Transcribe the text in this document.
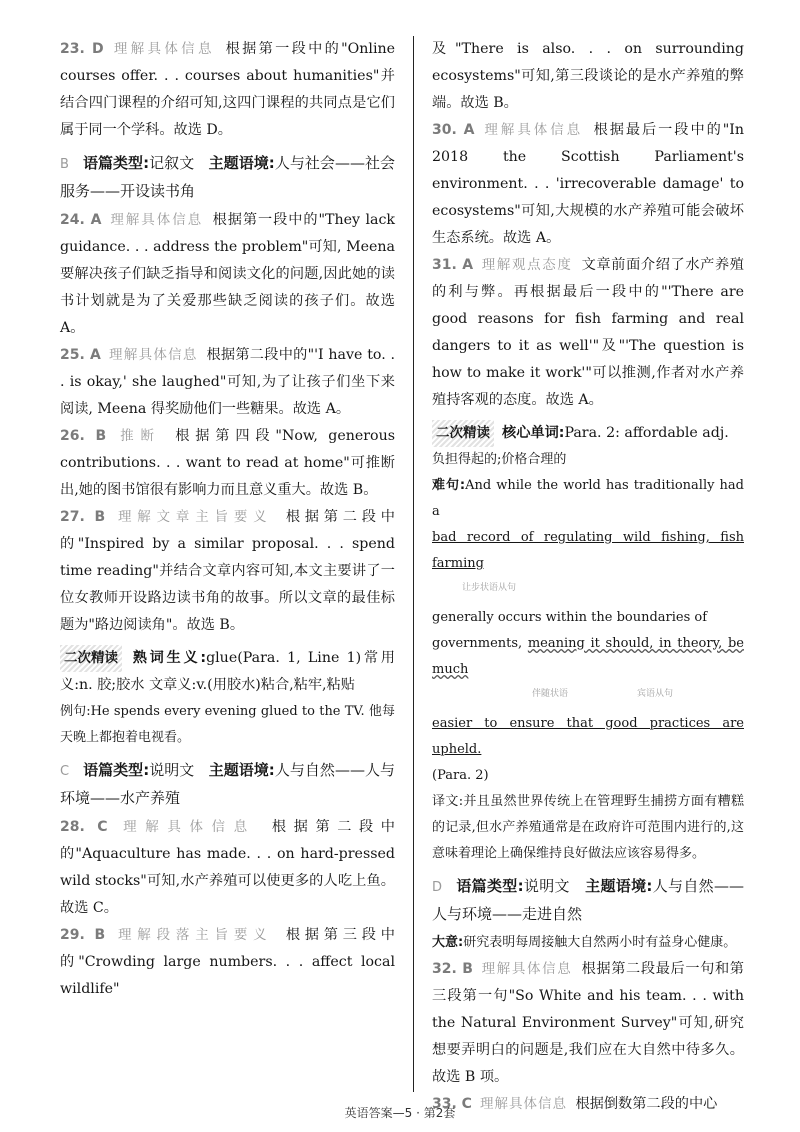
23. D 理解具体信息 根据第一段中的"Online courses offer. . . courses about humanities"并结合四门课程的介绍可知,这四门课程的共同点是它们属于同一个学科。故选 D。

B 语篇类型:记叙文 主题语境:人与社会——社会服务——开设读书角

24. A 理解具体信息 根据第一段中的"They lack guidance. . . address the problem"可知, Meena 要解决孩子们缺乏指导和阅读文化的问题,因此她的读书计划就是为了关爱那些缺乏阅读的孩子们。故选 A。

25. A 理解具体信息 根据第二段中的"'I have to. . . is okay,' she laughed"可知,为了让孩子们坐下来阅读, Meena 得奖励他们一些糖果。故选 A。

26. B 推断 根据第四段"Now, generous contributions. . . want to read at home"可推断出,她的图书馆很有影响力而且意义重大。故选 B。

27. B 理解文章主旨要义 根据第二段中的"Inspired by a similar proposal. . . spend time reading"并结合文章内容可知,本文主要讲了一位女教师开设路边读书角的故事。所以文章的最佳标题为"路边阅读角"。故选 B。

二次精读 熟词生义:glue(Para. 1, Line 1)常用义:n. 胶;胶水 文章义:v.(用胶水)粘合,粘牢,粘贴

例句:He spends every evening glued to the TV. 他每天晚上都抱着电视看。

C 语篇类型:说明文 主题语境:人与自然——人与环境——水产养殖

28. C 理解具体信息 根据第二段中的"Aquaculture has made. . . on hard-pressed wild stocks"可知,水产养殖可以使更多的人吃上鱼。故选 C。

29. B 理解段落主旨要义 根据第三段中的"Crowding large numbers. . . affect local wildlife"

及"There is also. . . on surrounding ecosystems"可知,第三段谈论的是水产养殖的弊端。故选 B。

30. A 理解具体信息 根据最后一段中的"In 2018 the Scottish Parliament's environment. . . 'irrecoverable damage' to ecosystems"可知,大规模的水产养殖可能会破坏生态系统。故选 A。

31. A 理解观点态度 文章前面介绍了水产养殖的利与弊。再根据最后一段中的"'There are good reasons for fish farming and real dangers to it as well'"及"'The question is how to make it work'"可以推测,作者对水产养殖持客观的态度。故选 A。

二次精读 核心单词:Para. 2: affordable adj.

负担得起的;价格合理的

难句:And while the world has traditionally had a

bad record of regulating wild fishing, fish farming

让步状语从句

generally occurs within the boundaries of

governments, meaning it should, in theory, be much

伴随状语	宾语从句

easier to ensure that good practices are upheld.

(Para. 2)

译文:并且虽然世界传统上在管理野生捕捞方面有糟糕的记录,但水产养殖通常是在政府许可范围内进行的,这意味着理论上确保维持良好做法应该容易得多。

D 语篇类型:说明文 主题语境:人与自然——人与环境——走进自然

大意:研究表明每周接触大自然两小时有益身心健康。

32. B 理解具体信息 根据第二段最后一句和第三段第一句"So White and his team. . . with the Natural Environment Survey"可知,研究想要弄明白的问题是,我们应在大自然中待多久。故选 B 项。

33. C 理解具体信息 根据倒数第二段的中心

英语答案—5 · 第2套
